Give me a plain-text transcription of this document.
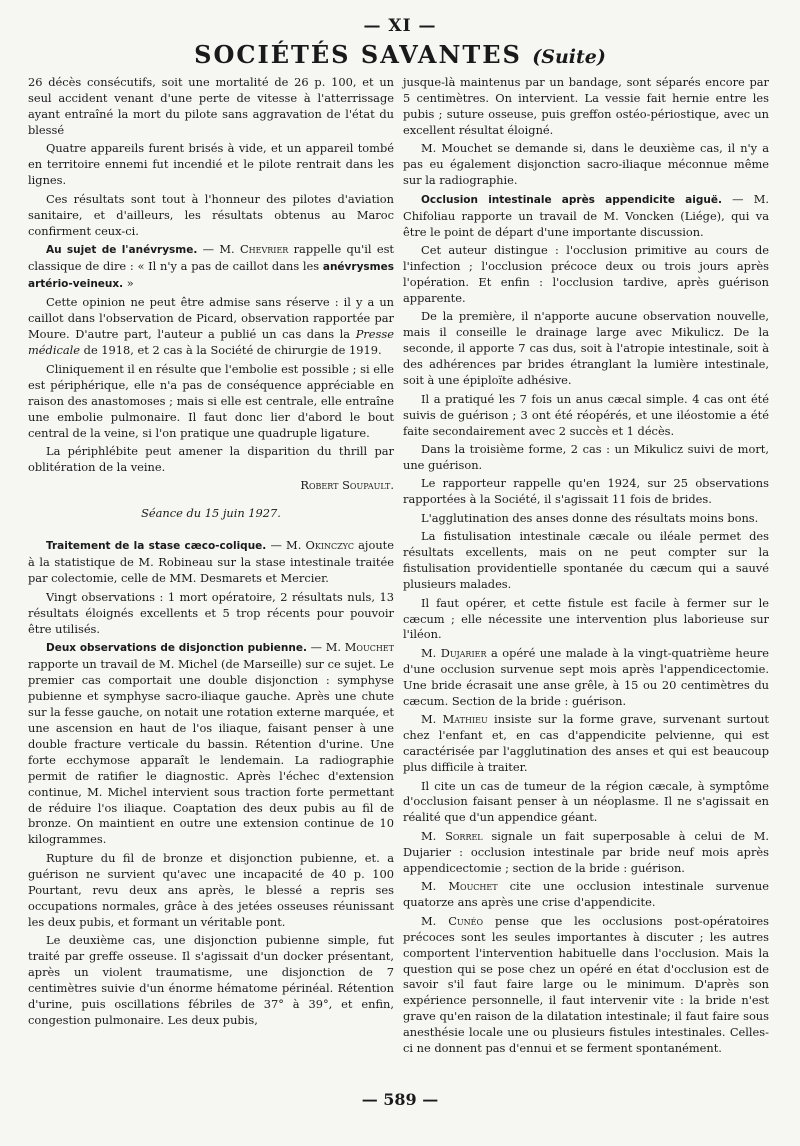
— XI —
SOCIÉTÉS SAVANTES (Suite)

26 décès consécutifs, soit une mortalité de 26 p. 100, et un seul accident venant d'une perte de vitesse à l'atterrissage ayant entraîné la mort du pilote sans aggravation de l'état du blessé

Quatre appareils furent brisés à vide, et un appareil tombé en territoire ennemi fut incendié et le pilote rentrait dans les lignes.

Ces résultats sont tout à l'honneur des pilotes d'aviation sanitaire, et d'ailleurs, les résultats obtenus au Maroc confirment ceux-ci.

Au sujet de l'anévrysme. — M. Chevrier rappelle qu'il est classique de dire : « Il n'y a pas de caillot dans les anévrysmes artério-veineux. »

Cette opinion ne peut être admise sans réserve : il y a un caillot dans l'observation de Picard, observation rapportée par Moure. D'autre part, l'auteur a publié un cas dans la Presse médicale de 1918, et 2 cas à la Société de chirurgie de 1919.

Cliniquement il en résulte que l'embolie est possible ; si elle est périphérique, elle n'a pas de conséquence appréciable en raison des anastomoses ; mais si elle est centrale, elle entraîne une embolie pulmonaire. Il faut donc lier d'abord le bout central de la veine, si l'on pratique une quadruple ligature.

La périphlébite peut amener la disparition du thrill par oblitération de la veine.

Robert Soupault.

Séance du 15 juin 1927.

Traitement de la stase cæco-colique. — M. Okinczyc ajoute à la statistique de M. Robineau sur la stase intestinale traitée par colectomie, celle de MM. Desmarets et Mercier.

Vingt observations : 1 mort opératoire, 2 résultats nuls, 13 résultats éloignés excellents et 5 trop récents pour pouvoir être utilisés.

Deux observations de disjonction pubienne. — M. Mouchet rapporte un travail de M. Michel (de Marseille) sur ce sujet. Le premier cas comportait une double disjonction : symphyse pubienne et symphyse sacro-iliaque gauche. Après une chute sur la fesse gauche, on notait une rotation externe marquée, et une ascension en haut de l'os iliaque, faisant penser à une double fracture verticale du bassin. Rétention d'urine. Une forte ecchymose apparaît le lendemain. La radiographie permit de ratifier le diagnostic. Après l'échec d'extension continue, M. Michel intervient sous traction forte permettant de réduire l'os iliaque. Coaptation des deux pubis au fil de bronze. On maintient en outre une extension continue de 10 kilogrammes.

Rupture du fil de bronze et disjonction pubienne, et. a guérison ne survient qu'avec une incapacité de 40 p. 100 Pourtant, revu deux ans après, le blessé a repris ses occupations normales, grâce à des jetées osseuses réunissant les deux pubis, et formant un véritable pont.

Le deuxième cas, une disjonction pubienne simple, fut traité par greffe osseuse. Il s'agissait d'un docker présentant, après un violent traumatisme, une disjonction de 7 centimètres suivie d'un énorme hématome périnéal. Rétention d'urine, puis oscillations fébriles de 37° à 39°, et enfin, congestion pulmonaire. Les deux pubis,

jusque-là maintenus par un bandage, sont séparés encore par 5 centimètres. On intervient. La vessie fait hernie entre les pubis ; suture osseuse, puis greffon ostéo-périostique, avec un excellent résultat éloigné.

M. Mouchet se demande si, dans le deuxième cas, il n'y a pas eu également disjonction sacro-iliaque méconnue même sur la radiographie.

Occlusion intestinale après appendicite aiguë. — M. Chifoliau rapporte un travail de M. Voncken (Liége), qui va être le point de départ d'une importante discussion.

Cet auteur distingue : l'occlusion primitive au cours de l'infection ; l'occlusion précoce deux ou trois jours après l'opération. Et enfin : l'occlusion tardive, après guérison apparente.

De la première, il n'apporte aucune observation nouvelle, mais il conseille le drainage large avec Mikulicz. De la seconde, il apporte 7 cas dus, soit à l'atropie intestinale, soit à des adhérences par brides étranglant la lumière intestinale, soit à une épiploïte adhésive.

Il a pratiqué les 7 fois un anus cæcal simple. 4 cas ont été suivis de guérison ; 3 ont été réopérés, et une iléostomie a été faite secondairement avec 2 succès et 1 décès.

Dans la troisième forme, 2 cas : un Mikulicz suivi de mort, une guérison.

Le rapporteur rappelle qu'en 1924, sur 25 observations rapportées à la Société, il s'agissait 11 fois de brides.

L'agglutination des anses donne des résultats moins bons.

La fistulisation intestinale cæcale ou iléale permet des résultats excellents, mais on ne peut compter sur la fistulisation providentielle spontanée du cæcum qui a sauvé plusieurs malades.

Il faut opérer, et cette fistule est facile à fermer sur le cæcum ; elle nécessite une intervention plus laborieuse sur l'iléon.

M. Dujarier a opéré une malade à la vingt-quatrième heure d'une occlusion survenue sept mois après l'appendicectomie. Une bride écrasait une anse grêle, à 15 ou 20 centimètres du cæcum. Section de la bride : guérison.

M. Mathieu insiste sur la forme grave, survenant surtout chez l'enfant et, en cas d'appendicite pelvienne, qui est caractérisée par l'agglutination des anses et qui est beaucoup plus difficile à traiter.

Il cite un cas de tumeur de la région cæcale, à symptôme d'occlusion faisant penser à un néoplasme. Il ne s'agissait en réalité que d'un appendice géant.

M. Sorrel signale un fait superposable à celui de M. Dujarier : occlusion intestinale par bride neuf mois après appendicectomie ; section de la bride : guérison.

M. Mouchet cite une occlusion intestinale survenue quatorze ans après une crise d'appendicite.

M. Cunéo pense que les occlusions post-opératoires précoces sont les seules importantes à discuter ; les autres comportent l'intervention habituelle dans l'occlusion. Mais la question qui se pose chez un opéré en état d'occlusion est de savoir s'il faut faire large ou le minimum. D'après son expérience personnelle, il faut intervenir vite : la bride n'est grave qu'en raison de la dilatation intestinale; il faut faire sous anesthésie locale une ou plusieurs fistules intestinales. Celles-ci ne donnent pas d'ennui et se ferment spontanément.

— 589 —
